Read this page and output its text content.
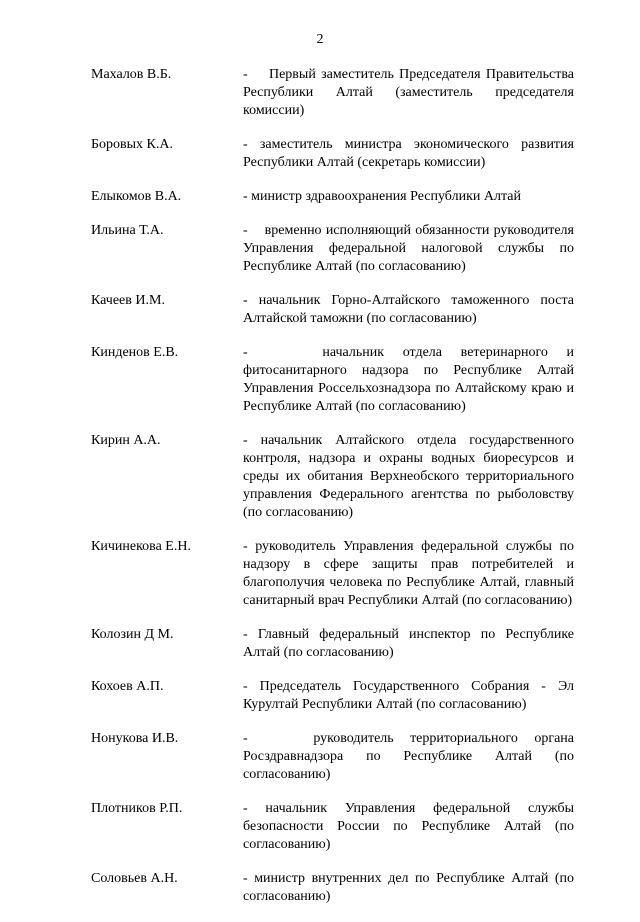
2
Махалов В.Б.	-    Первый заместитель Председателя Правительства Республики Алтай (заместитель председателя комиссии)
Боровых К.А.	- заместитель министра экономического развития Республики Алтай (секретарь комиссии)
Елыкомов В.А.	- министр здравоохранения Республики Алтай
Ильина Т.А.	-    временно исполняющий обязанности руководителя Управления федеральной налоговой службы по Республике Алтай (по согласованию)
Качеев И.М.	- начальник Горно-Алтайского таможенного поста Алтайской таможни (по согласованию)
Кинденов Е.В.	-    начальник отдела ветеринарного и фитосанитарного надзора по Республике Алтай Управления Россельхознадзора по Алтайскому краю и Республике Алтай (по согласованию)
Кирин А.А.	- начальник Алтайского отдела государственного контроля, надзора и охраны водных биоресурсов и среды их обитания Верхнеобского территориального управления Федерального агентства по рыболовству (по согласованию)
Кичинекова Е.Н.	- руководитель Управления федеральной службы по надзору в сфере защиты прав потребителей и благополучия человека по Республике Алтай, главный санитарный врач Республики Алтай (по согласованию)
Колозин Д М.	- Главный федеральный инспектор по Республике Алтай (по согласованию)
Кохоев А.П.	- Председатель Государственного Собрания - Эл Курултай Республики Алтай (по согласованию)
Нонукова И.В.	-    руководитель территориального органа Росздравнадзора по Республике Алтай (по согласованию)
Плотников Р.П.	- начальник Управления федеральной службы безопасности России по Республике Алтай (по согласованию)
Соловьев А.Н.	- министр внутренних дел по Республике Алтай (по согласованию)
